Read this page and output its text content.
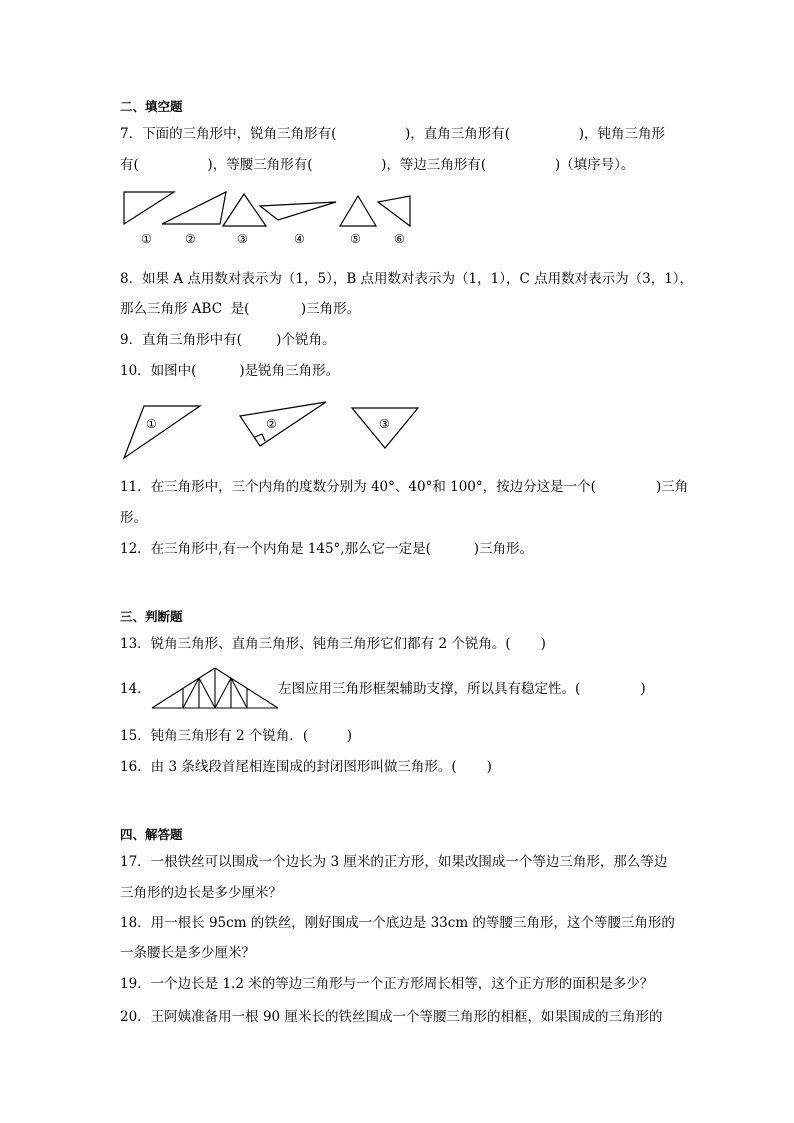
二、填空题
7．下面的三角形中，锐角三角形有(                )，直角三角形有(                )，钝角三角形
有(                )，等腰三角形有(                )，等边三角形有(                )（填序号）。
①	②	③	④	⑤	⑥
8．如果 A 点用数对表示为（1，5），B 点用数对表示为（1，1），C 点用数对表示为（3，1），
那么三角形 ABC  是(            )三角形。
9．直角三角形中有(        )个锐角。
10．如图中(          )是锐角三角形。
①	②	③
11．在三角形中，三个内角的度数分别为 40°、40°和 100°，按边分这是一个(              )三角
形。
12．在三角形中,有一个内角是 145°,那么它一定是(          )三角形。
三、判断题
13．锐角三角形、直角三角形、钝角三角形它们都有 2 个锐角。(       )
14．	左图应用三角形框架辅助支撑，所以具有稳定性。(              )
15．钝角三角形有 2 个锐角．(         )
16．由 3 条线段首尾相连围成的封闭图形叫做三角形。(       )
四、解答题
17．一根铁丝可以围成一个边长为 3 厘米的正方形，如果改围成一个等边三角形，那么等边
三角形的边长是多少厘米？
18．用一根长 95cm 的铁丝，刚好围成一个底边是 33cm 的等腰三角形，这个等腰三角形的
一条腰长是多少厘米？
19．一个边长是 1.2 米的等边三角形与一个正方形周长相等，这个正方形的面积是多少？
20．王阿姨准备用一根 90 厘米长的铁丝围成一个等腰三角形的相框，如果围成的三角形的
